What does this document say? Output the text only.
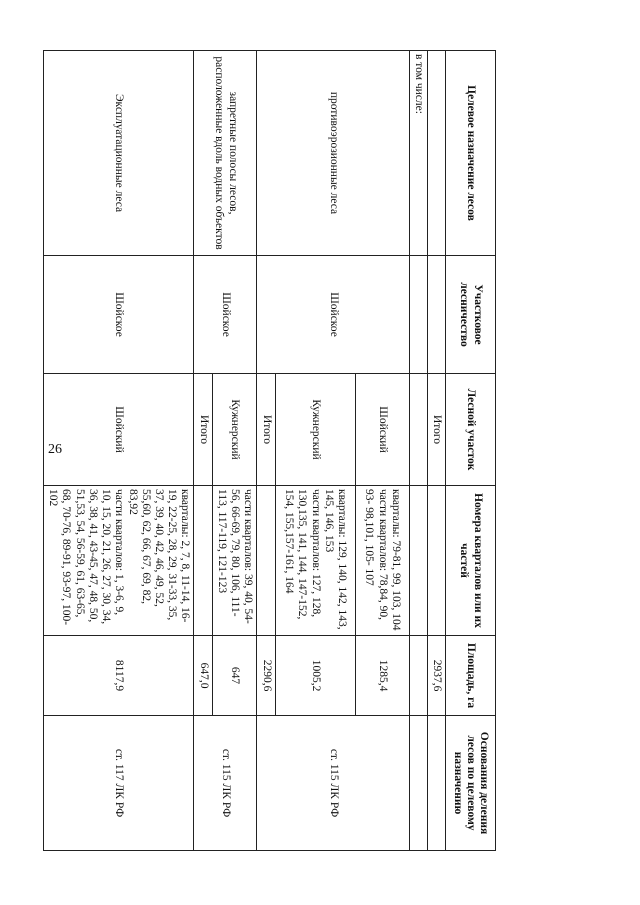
26
Целевое назначение лесов	Участковое лесничество	Лесной участок	Номера кварталов или их частей	Площадь, га	Основания деления лесов по целевому назначению
		Итого		2937,6	
в том числе:					
противоэрозионные леса	Шойское	Шойский	кварталы: 79-81, 99, 103, 104
части кварталов: 78,84, 90, 93- 98,101, 105- 107	1285,4	ст. 115 ЛК РФ
		Кужнерский	кварталы: 129, 140, 142, 143, 145, 146, 153
части кварталов: 127, 128, 130,135, 141, 144, 147-152, 154, 155,157-161, 164	1005,2	
		Итого		2290,6	
запретные полосы лесов, расположенные вдоль водных объектов	Шойское	Кужнерский	части кварталов: 39, 40, 54-56, 66-69, 79, 80, 106, 111-113, 117-119, 121-123	647	ст. 115 ЛК РФ
		Итого		647,0	
Эксплуатационные леса	Шойское	Шойский	кварталы: 2, 7, 8, 11-14, 16-19, 22-25, 28, 29, 31-33, 35, 37, 39, 40, 42, 46, 49, 52, 55,60, 62, 66, 67, 69, 82, 83,92
части кварталов: 1, 3-6, 9, 10, 15, 20, 21, 26, 27, 30, 34, 36, 38, 41, 43-45, 47, 48, 50, 51,53, 54, 56-59, 61, 63-65, 68, 70-76, 89-91, 93-97, 100- 102	8117,9	ст. 117 ЛК РФ
